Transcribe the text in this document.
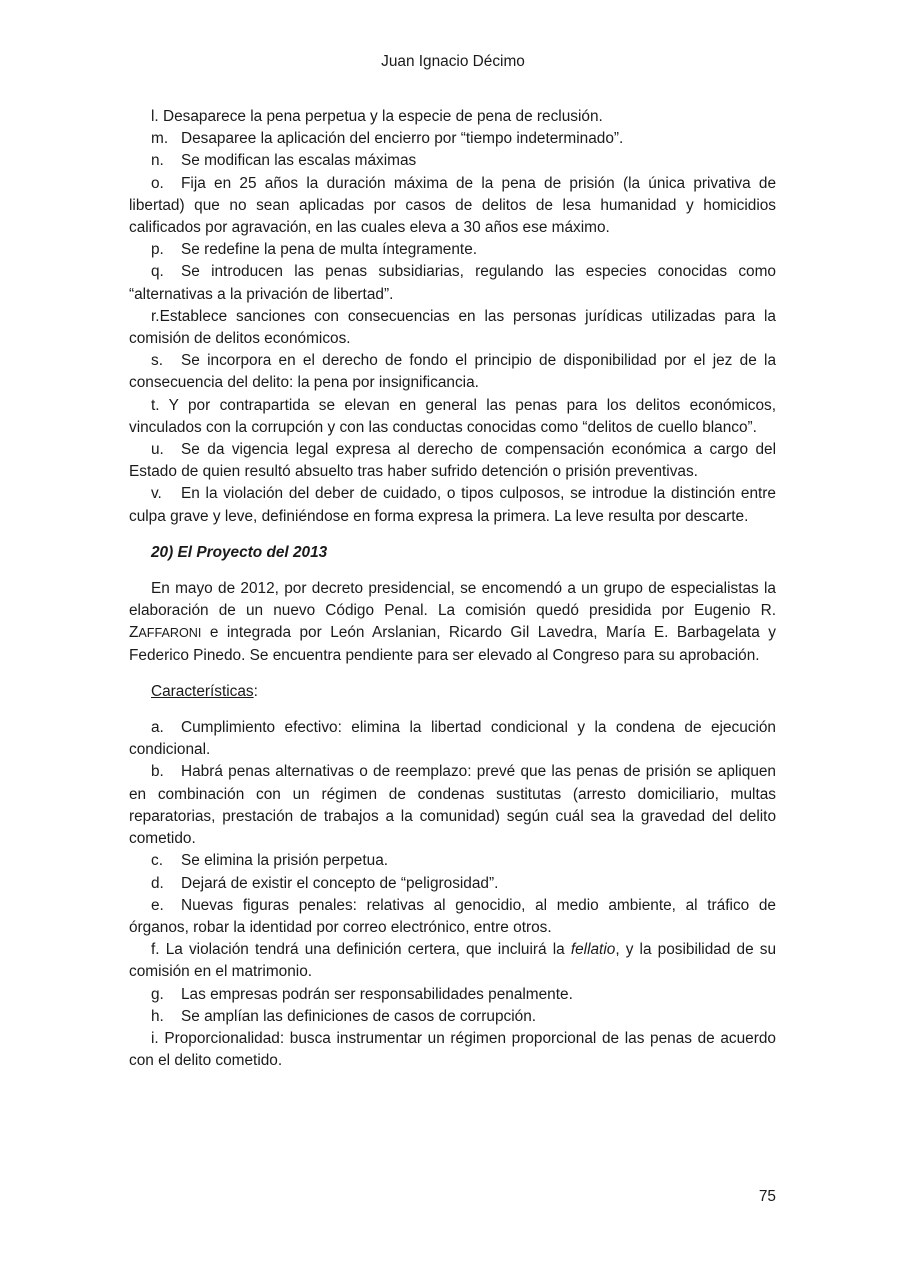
Juan Ignacio Décimo

l. Desaparece la pena perpetua y la especie de pena de reclusión.

m. Desaparee la aplicación del encierro por “tiempo indeterminado”.

n. Se modifican las escalas máximas

o. Fija en 25 años la duración máxima de la pena de prisión (la única privativa de libertad) que no sean aplicadas por casos de delitos de lesa humanidad y homicidios calificados por agravación, en las cuales eleva a 30 años ese máximo.

p. Se redefine la pena de multa íntegramente.

q. Se introducen las penas subsidiarias, regulando las especies conocidas como “alternativas a la privación de libertad”.

r.Establece sanciones con consecuencias en las personas jurídicas utilizadas para la comisión de delitos económicos.

s. Se incorpora en el derecho de fondo el principio de disponibilidad por el jez de la consecuencia del delito: la pena por insignificancia.

t. Y por contrapartida se elevan en general las penas para los delitos económicos, vinculados con la corrupción y con las conductas conocidas como “delitos de cuello blanco”.

u. Se da vigencia legal expresa al derecho de compensación económica a cargo del Estado de quien resultó absuelto tras haber sufrido detención o prisión preventivas.

v. En la violación del deber de cuidado, o tipos culposos, se introdue la distinción entre culpa grave y leve, definiéndose en forma expresa la primera. La leve resulta por descarte.

20) El Proyecto del 2013

En mayo de 2012, por decreto presidencial, se encomendó a un grupo de especialistas la elaboración de un nuevo Código Penal. La comisión quedó presidida por Eugenio R. ZAFFARONI e integrada por León Arslanian, Ricardo Gil Lavedra, María E. Barbagelata y Federico Pinedo. Se encuentra pendiente para ser elevado al Congreso para su aprobación.

Características:

a. Cumplimiento efectivo: elimina la libertad condicional y la condena de ejecución condicional.

b. Habrá penas alternativas o de reemplazo: prevé que las penas de prisión se apliquen en combinación con un régimen de condenas sustitutas (arresto domiciliario, multas reparatorias, prestación de trabajos a la comunidad) según cuál sea la gravedad del delito cometido.

c. Se elimina la prisión perpetua.

d. Dejará de existir el concepto de “peligrosidad”.

e. Nuevas figuras penales: relativas al genocidio, al medio ambiente, al tráfico de órganos, robar la identidad por correo electrónico, entre otros.

f. La violación tendrá una definición certera, que incluirá la fellatio, y la posibilidad de su comisión en el matrimonio.

g. Las empresas podrán ser responsabilidades penalmente.

h. Se amplían las definiciones de casos de corrupción.

i. Proporcionalidad: busca instrumentar un régimen proporcional de las penas de acuerdo con el delito cometido.

75
